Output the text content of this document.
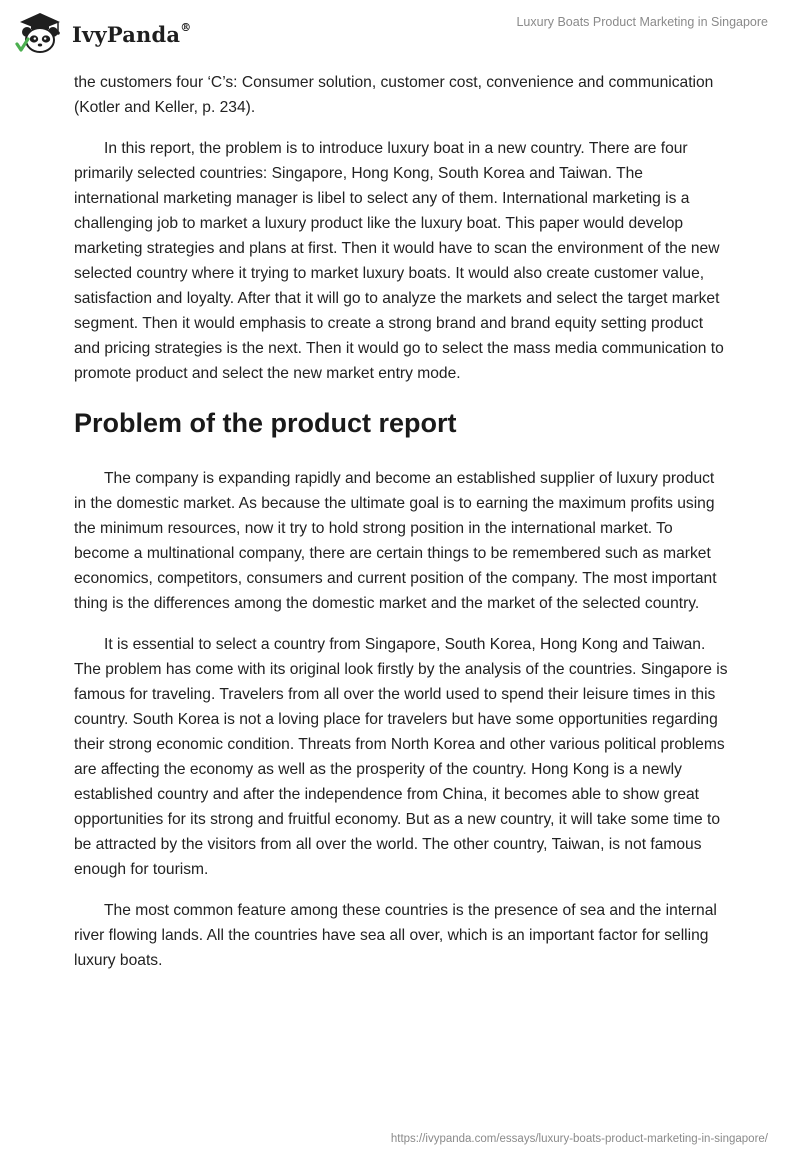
IvyPanda®	Luxury Boats Product Marketing in Singapore

the customers four ‘C’s: Consumer solution, customer cost, convenience and communication (Kotler and Keller, p. 234).

In this report, the problem is to introduce luxury boat in a new country. There are four primarily selected countries: Singapore, Hong Kong, South Korea and Taiwan. The international marketing manager is libel to select any of them. International marketing is a challenging job to market a luxury product like the luxury boat. This paper would develop marketing strategies and plans at first. Then it would have to scan the environment of the new selected country where it trying to market luxury boats. It would also create customer value, satisfaction and loyalty. After that it will go to analyze the markets and select the target market segment. Then it would emphasis to create a strong brand and brand equity setting product and pricing strategies is the next. Then it would go to select the mass media communication to promote product and select the new market entry mode.

Problem of the product report

The company is expanding rapidly and become an established supplier of luxury product in the domestic market. As because the ultimate goal is to earning the maximum profits using the minimum resources, now it try to hold strong position in the international market. To become a multinational company, there are certain things to be remembered such as market economics, competitors, consumers and current position of the company. The most important thing is the differences among the domestic market and the market of the selected country.

It is essential to select a country from Singapore, South Korea, Hong Kong and Taiwan. The problem has come with its original look firstly by the analysis of the countries. Singapore is famous for traveling. Travelers from all over the world used to spend their leisure times in this country. South Korea is not a loving place for travelers but have some opportunities regarding their strong economic condition. Threats from North Korea and other various political problems are affecting the economy as well as the prosperity of the country. Hong Kong is a newly established country and after the independence from China, it becomes able to show great opportunities for its strong and fruitful economy. But as a new country, it will take some time to be attracted by the visitors from all over the world. The other country, Taiwan, is not famous enough for tourism.

The most common feature among these countries is the presence of sea and the internal river flowing lands. All the countries have sea all over, which is an important factor for selling luxury boats.

https://ivypanda.com/essays/luxury-boats-product-marketing-in-singapore/
